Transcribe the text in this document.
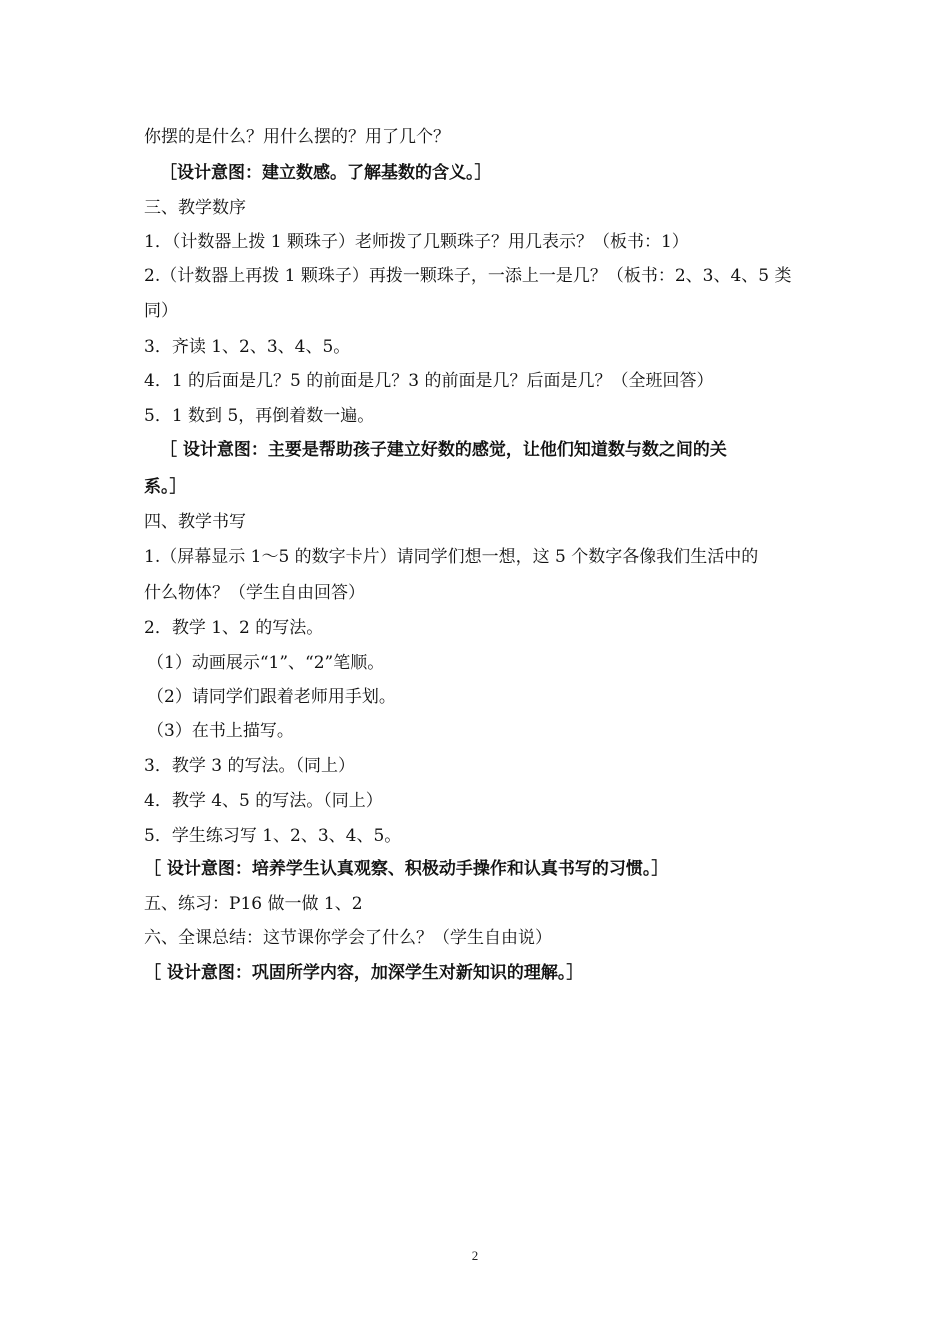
你摆的是什么？用什么摆的？用了几个？
［设计意图：建立数感。了解基数的含义。］
三、教学数序
1．（计数器上拨 1 颗珠子）老师拨了几颗珠子？用几表示？（板书：1）
2.（计数器上再拨 1 颗珠子）再拨一颗珠子，一添上一是几？（板书：2、3、4、5 类
同）
3．齐读 1、2、3、4、5。
4．1 的后面是几？5 的前面是几？3 的前面是几？后面是几？（全班回答）
5．1 数到 5，再倒着数一遍。
［ 设计意图：主要是帮助孩子建立好数的感觉，让他们知道数与数之间的关
系。］
四、教学书写
1.（屏幕显示 1～5 的数字卡片）请同学们想一想，这 5 个数字各像我们生活中的
什么物体？（学生自由回答）
2．教学 1、2 的写法。
（1）动画展示“1”、“2”笔顺。
（2）请同学们跟着老师用手划。
（3）在书上描写。
3．教学 3 的写法。（同上）
4．教学 4、5 的写法。（同上）
5．学生练习写 1、2、3、4、5。
［ 设计意图：培养学生认真观察、积极动手操作和认真书写的习惯。］
五、练习：P16 做一做 1、2
六、全课总结：这节课你学会了什么？（学生自由说）
［ 设计意图：巩固所学内容，加深学生对新知识的理解。］
2
